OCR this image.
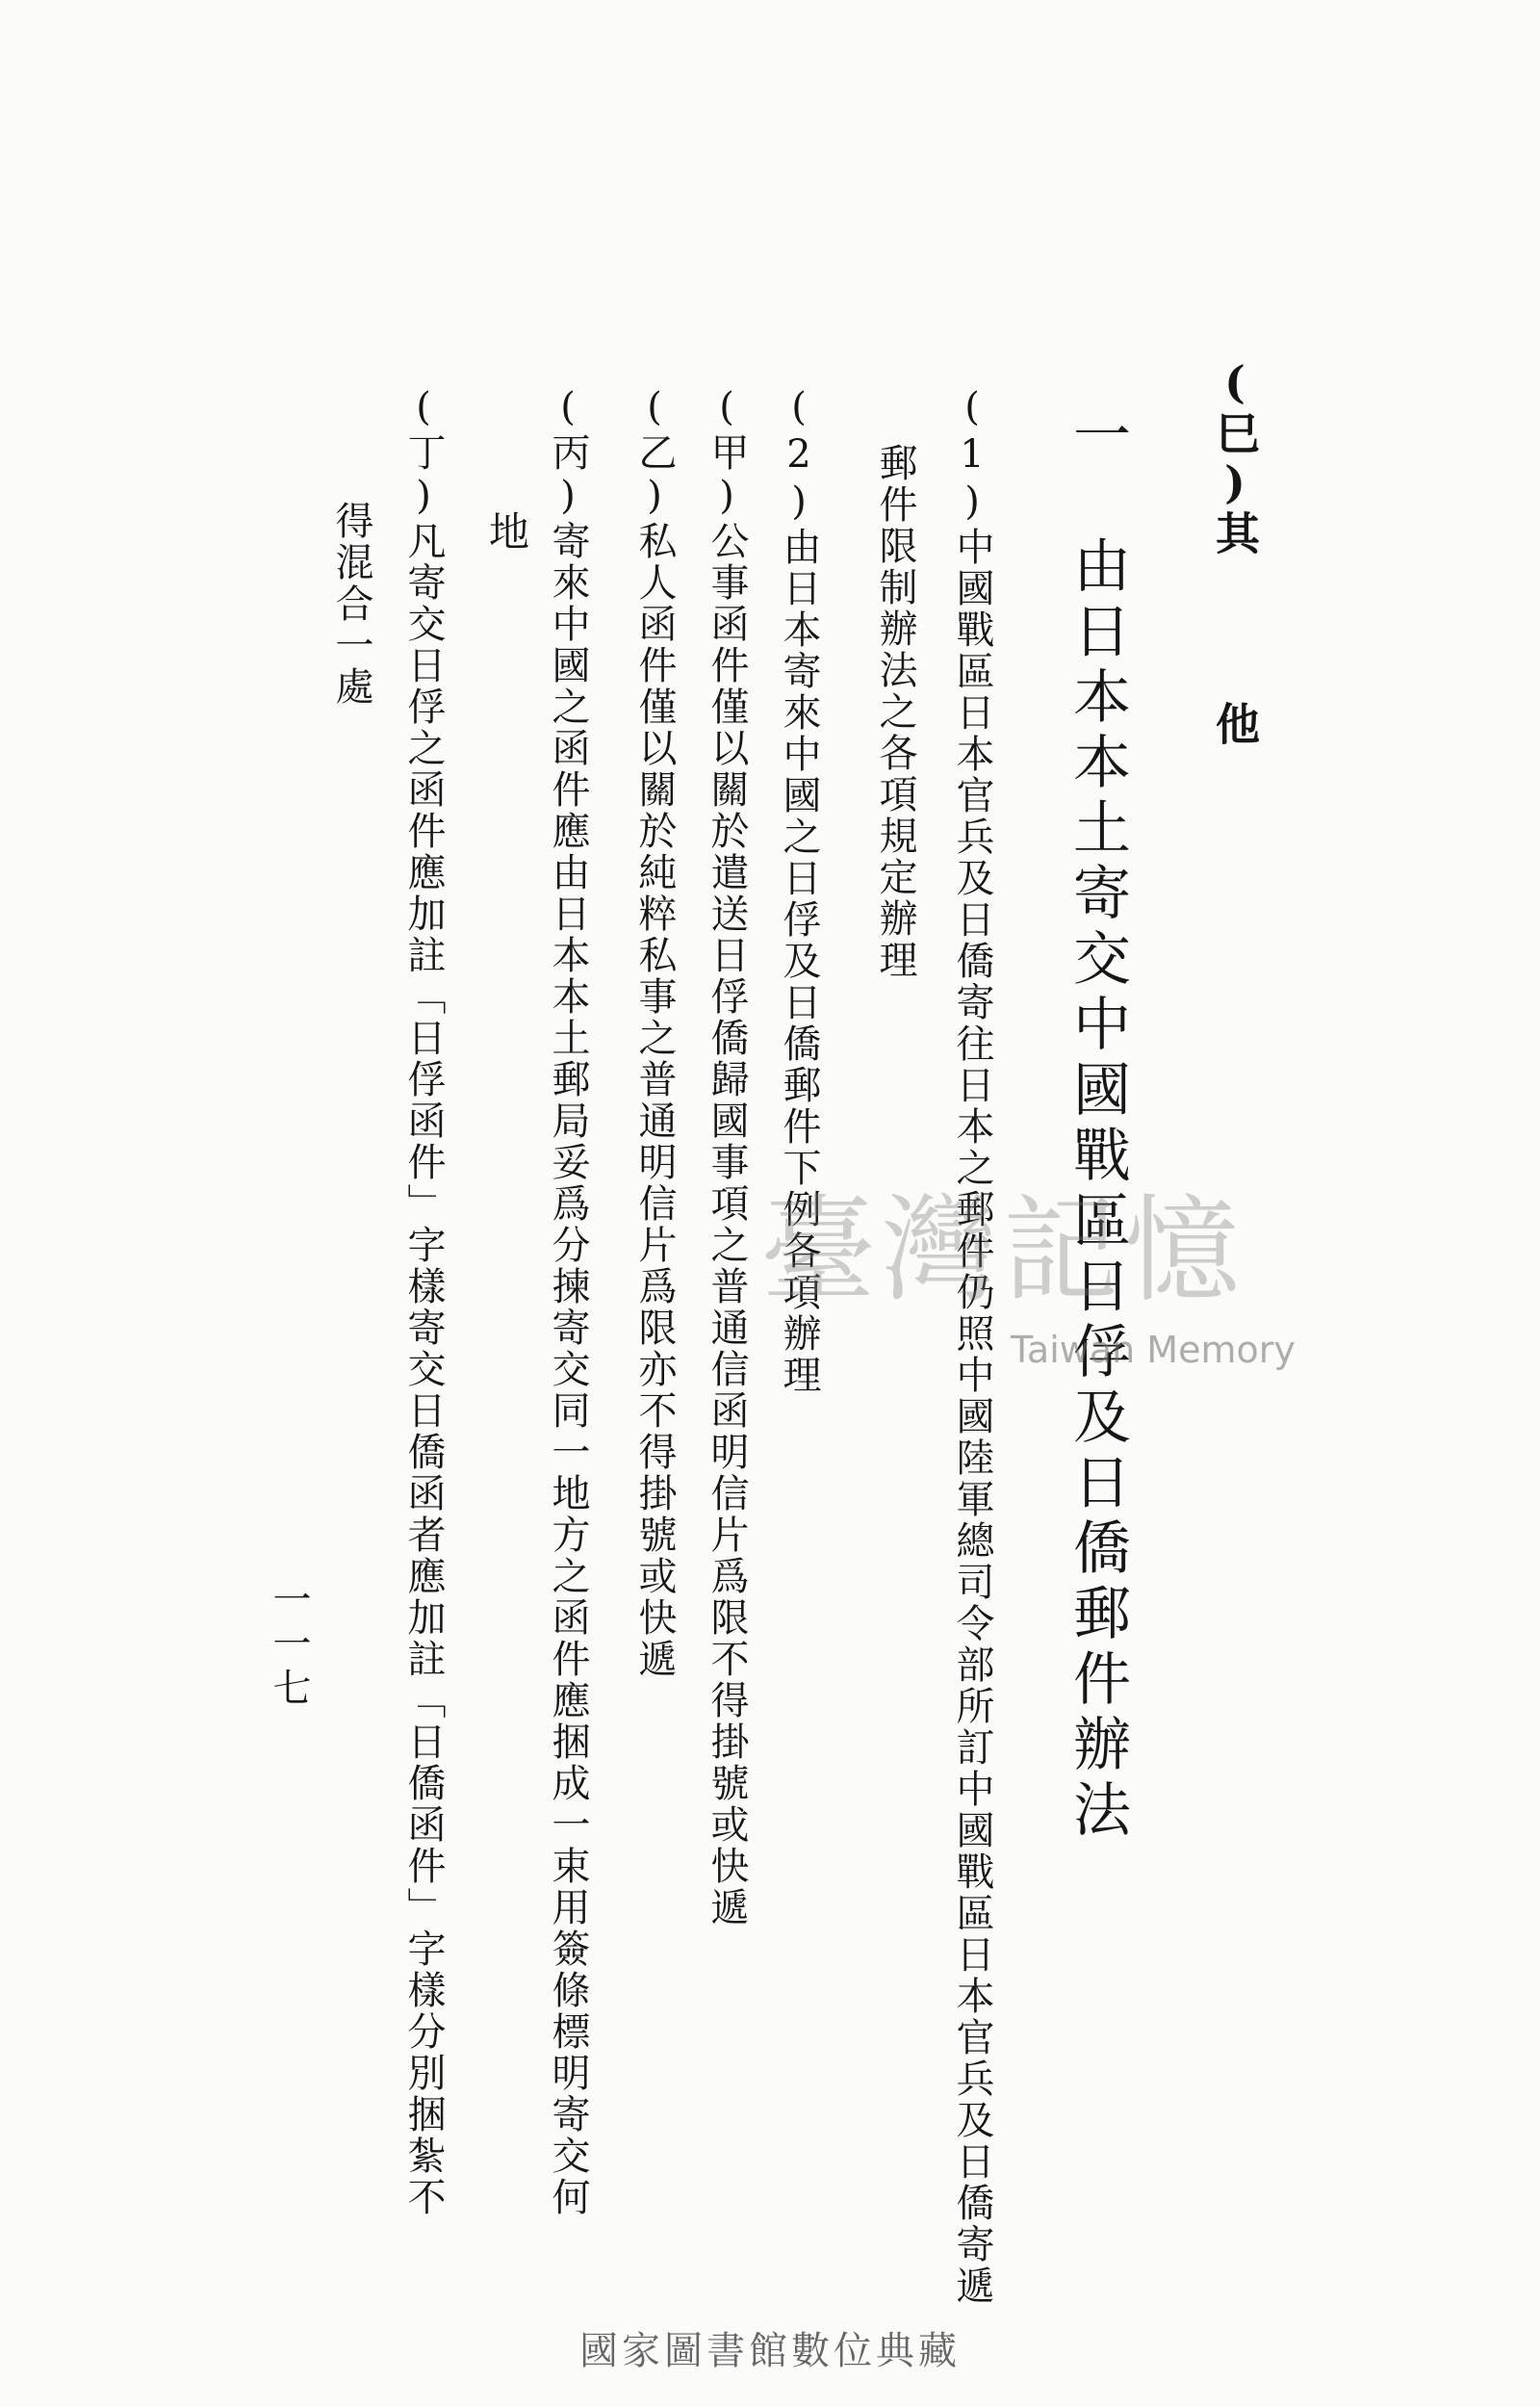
(巳)其他
一　由日本本土寄交中國戰區日俘及日僑郵件辦法
(1)中國戰區日本官兵及日僑寄往日本之郵件仍照中國陸軍總司令部所訂中國戰區日本官兵及日僑寄遞
郵件限制辦法之各項規定辦理
(2)由日本寄來中國之日俘及日僑郵件下例各項辦理
(甲)公事函件僅以關於遣送日俘僑歸國事項之普通信函明信片爲限不得掛號或快遞
(乙)私人函件僅以關於純粹私事之普通明信片爲限亦不得掛號或快遞
地 (丙)寄來中國之函件應由日本本土郵局妥爲分揀寄交同一地方之函件應捆成一束用簽條標明寄交何
(丁)凡寄交日俘之函件應加註「日俘函件」字樣寄交日僑函者應加註「日僑函件」字樣分別捆紮不
得混合一處
一一七
臺灣記憶
Taiwan Memory
國家圖書館數位典藏
